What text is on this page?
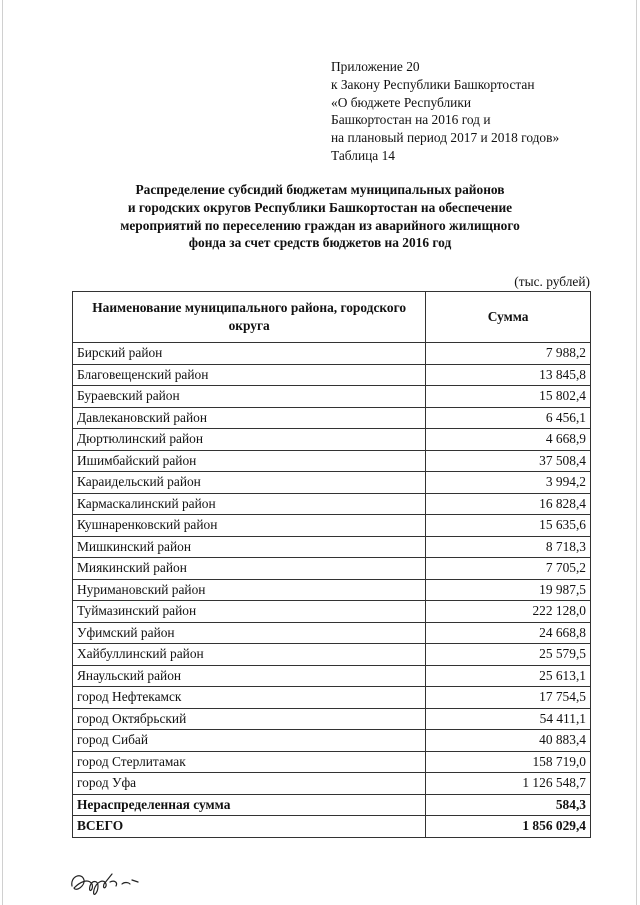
Приложение 20
к Закону Республики Башкортостан
«О бюджете Республики
Башкортостан на 2016 год и
на плановый период 2017 и 2018 годов»
Таблица 14
Распределение субсидий бюджетам муниципальных районов
и городских округов Республики Башкортостан на обеспечение
мероприятий по переселению граждан из аварийного жилищного
фонда за счет средств бюджетов на 2016 год
(тыс. рублей)
Наименование муниципального района, городского округа	Сумма
Бирский район	7 988,2
Благовещенский район	13 845,8
Бураевский район	15 802,4
Давлекановский район	6 456,1
Дюртюлинский район	4 668,9
Ишимбайский район	37 508,4
Караидельский район	3 994,2
Кармаскалинский район	16 828,4
Кушнаренковский район	15 635,6
Мишкинский район	8 718,3
Миякинский район	7 705,2
Нуримановский район	19 987,5
Туймазинский район	222 128,0
Уфимский район	24 668,8
Хайбуллинский район	25 579,5
Янаульский район	25 613,1
город Нефтекамск	17 754,5
город Октябрьский	54 411,1
город Сибай	40 883,4
город Стерлитамак	158 719,0
город Уфа	1 126 548,7
Нераспределенная сумма	584,3
ВСЕГО	1 856 029,4
